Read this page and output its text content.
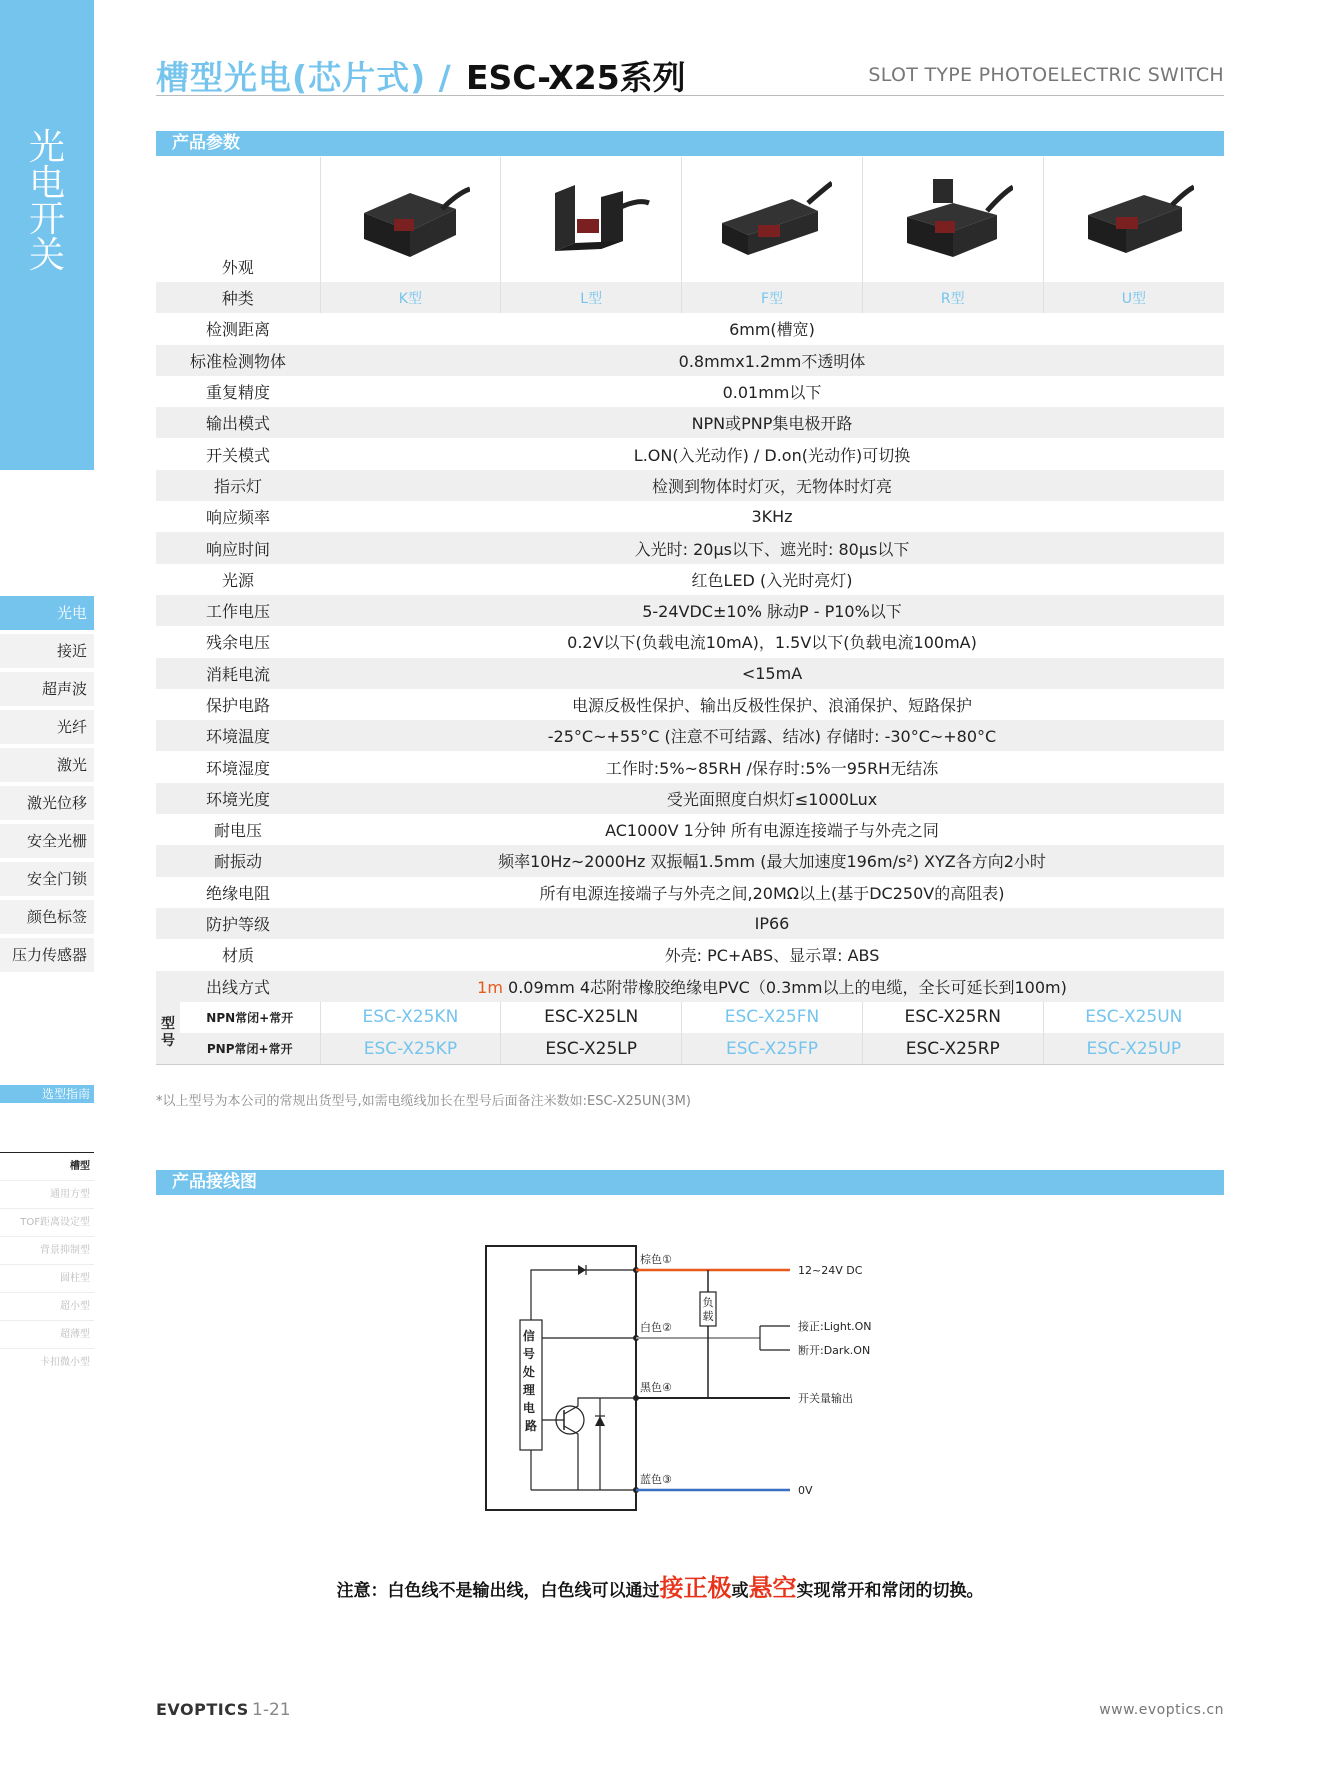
光
电
开
关
光电
接近
超声波
光纤
激光
激光位移
安全光栅
安全门锁
颜色标签
压力传感器
选型指南
槽型
通用方型
TOF距离设定型
背景抑制型
圆柱型
超小型
超薄型
卡扣微小型
槽型光电(芯片式) / ESC-X25系列	SLOT TYPE PHOTOELECTRIC SWITCH
产品参数
外观					
种类		K型	L型	F型	R型	U型
检测距离		6mm(槽宽)				
标准检测物体		0.8mmx1.2mm不透明体				
重复精度		0.01mm以下				
输出模式		NPN或PNP集电极开路				
开关模式		L.ON(入光动作) / D.on(光动作)可切换				
指示灯		检测到物体时灯灭，无物体时灯亮				
响应频率		3KHz				
响应时间		入光时: 20μs以下、遮光时: 80μs以下				
光源		红色LED (入光时亮灯)				
工作电压		5-24VDC±10% 脉动P - P10%以下				
残余电压		0.2V以下(负载电流10mA)，1.5V以下(负载电流100mA)				
消耗电流		<15mA				
保护电路		电源反极性保护、输出反极性保护、浪涌保护、短路保护				
环境温度		-25°C~+55°C (注意不可结露、结冰) 存储时: -30°C~+80°C				
环境湿度		工作时:5%~85RH /保存时:5%一95RH无结冻				
环境光度		受光面照度白炽灯≤1000Lux				
耐电压		AC1000V 1分钟 所有电源连接端子与外壳之同				
耐振动		频率10Hz~2000Hz 双振幅1.5mm (最大加速度196m/s²) XYZ各方向2小时				
绝缘电阻		所有电源连接端子与外壳之间,20MΩ以上(基于DC250V的高阻表)				
防护等级		IP66				
材质		外壳: PC+ABS、显示罩: ABS				
出线方式		1m 0.09mm 4芯附带橡胶绝缘电PVC（0.3mm以上的电缆，全长可延长到100m)				
型号	NPN常闭+常开	ESC-X25KN	ESC-X25LN	ESC-X25FN	ESC-X25RN	ESC-X25UN
	PNP常闭+常开	ESC-X25KP	ESC-X25LP	ESC-X25FP	ESC-X25RP	ESC-X25UP
*以上型号为本公司的常规出货型号,如需电缆线加长在型号后面备注米数如:ESC-X25UN(3M)
产品接线图
信 号 处 理 电 路
负载
棕色①
白色②
黑色④
蓝色③
12~24V DC
接正:Light.ON
断开:Dark.ON
开关量输出
0V
注意：白色线不是输出线，白色线可以通过接正极或悬空实现常开和常闭的切换。
EVOPTICS 1-21	www.evoptics.cn
